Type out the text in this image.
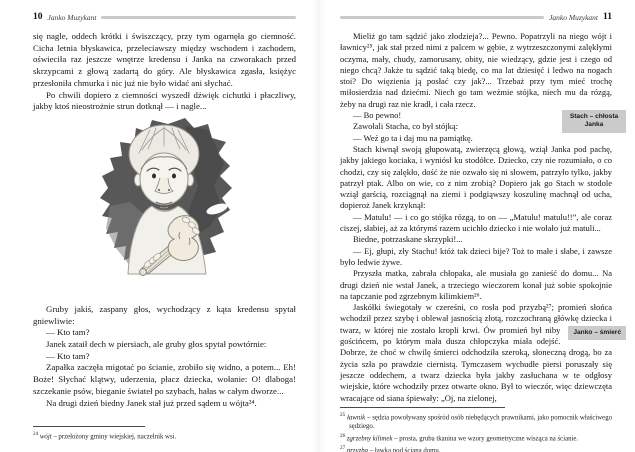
10 Janko Muzykant

się nagle, oddech krótki i świszczący, przy tym ogarnęła go ciemność. Cicha letnia błyskawica, przeleciawszy między wschodem i zachodem, oświeciła raz jeszcze wnętrze kredensu i Janka na czworakach przed skrzypcami z głową zadartą do góry. Ale błyskawica zgasła, księżyc przesłoniła chmurka i nic już nie było widać ani słychać.

Po chwili dopiero z ciemności wyszedł dźwięk cichutki i płaczliwy, jakby ktoś nieostrożnie strun dotknął — i nagle...

Gruby jakiś, zaspany głos, wychodzący z kąta kredensu spytał gniewliwie:

— Kto tam?

Janek zataił dech w piersiach, ale gruby głos spytał powtórnie:

— Kto tam?

Zapałka zaczęła migotać po ścianie, zrobiło się widno, a potem... Eh! Boże! Słychać klątwy, uderzenia, płacz dziecka, wołanie: O! dlaboga! szczekanie psów, bieganie świateł po szybach, hałas w całym dworze...

Na drugi dzień biedny Janek stał już przed sądem u wójta²⁴.

$^{24}$ wójt – przełożony gminy wiejskiej, naczelnik wsi.
Janko Muzykant 11

Mieliż go tam sądzić jako złodzieja?... Pewno. Popatrzyli na niego wójt i ławnicy²⁵, jak stał przed nimi z palcem w gębie, z wytrzeszczonymi zalękłymi oczyma, mały, chudy, zamorusany, obity, nie wiedzący, gdzie jest i czego od niego chcą? Jakże tu sądzić taką biedę, co ma lat dziesięć i ledwo na nogach stoi? Do więzienia ją posłać czy jak?... Trzebaż przy tym mieć trochę miłosierdzia nad dziećmi. Niech go tam weźmie stójka, niech mu da rózgą, żeby na drugi raz nie kradł, i cała rzecz.

Stach – chłosta Janka
— Bo pewno!

Zawołali Stacha, co był stójką:

— Weź go ta i daj mu na pamiątkę.

Stach kiwnął swoją głupowatą, zwierzęcą głową, wziął Janka pod pachę, jakby jakiego kociaka, i wyniósł ku stodółce. Dziecko, czy nie rozumiało, o co chodzi, czy się zalękło, dość że nie ozwało się ni słowem, patrzyło tylko, jakby patrzył ptak. Albo on wie, co z nim zrobią? Dopiero jak go Stach w stodole wziął garścią, rozciągnął na ziemi i podgiąwszy koszulinę machnął od ucha, dopieroż Janek krzyknął:

— Matulu! — i co go stójka rózgą, to on — „Matulu! matulu!!”, ale coraz ciszej, słabiej, aż za którymś razem ucichło dziecko i nie wołało już matuli...

Biedne, potrzaskane skrzypki!...

— Ej, głupi, zły Stachu! któż tak dzieci bije? Toż to małe i słabe, i zawsze było ledwie żywe.

Przyszła matka, zabrała chłopaka, ale musiała go zanieść do domu... Na drugi dzień nie wstał Janek, a trzeciego wieczorem konał już sobie spokojnie na tapczanie pod zgrzebnym kilimkiem²⁶.

Jaskółki świegotały w czereśni, co rosła pod przyzbą²⁷; promień słońca wchodził przez szybę i oblewał jasnością złotą, rozczochraną główkę dziecka i twarz, w której nie zostało kropli krwi.	Janko – śmierć
Ów promień był niby gościńcem, po którym mała dusza chłopczyka miała odejść. Dobrze, że choć w chwilę śmierci odchodziła szeroką, słoneczną drogą, bo za życia szła po prawdzie ciernistą. Tymczasem wychudłe piersi poruszały się jeszcze oddechem, a twarz dziecka była jakby zasłuchana w te odgłosy wiejskie, które wchodziły przez otwarte okno. Był to wieczór, więc dziewczęta wracające od siana śpiewały: „Oj, na zielonej,

$^{25}$ ławnik – sędzia powoływany spośród osób niebędących prawnikami, jako pomocnik właściwego sędziego.
$^{26}$ zgrzebny kilimek – prosta, gruba tkanina we wzory geometryczne wisząca na ścianie.
$^{27}$ przyzba – ławka pod ścianą domu.
